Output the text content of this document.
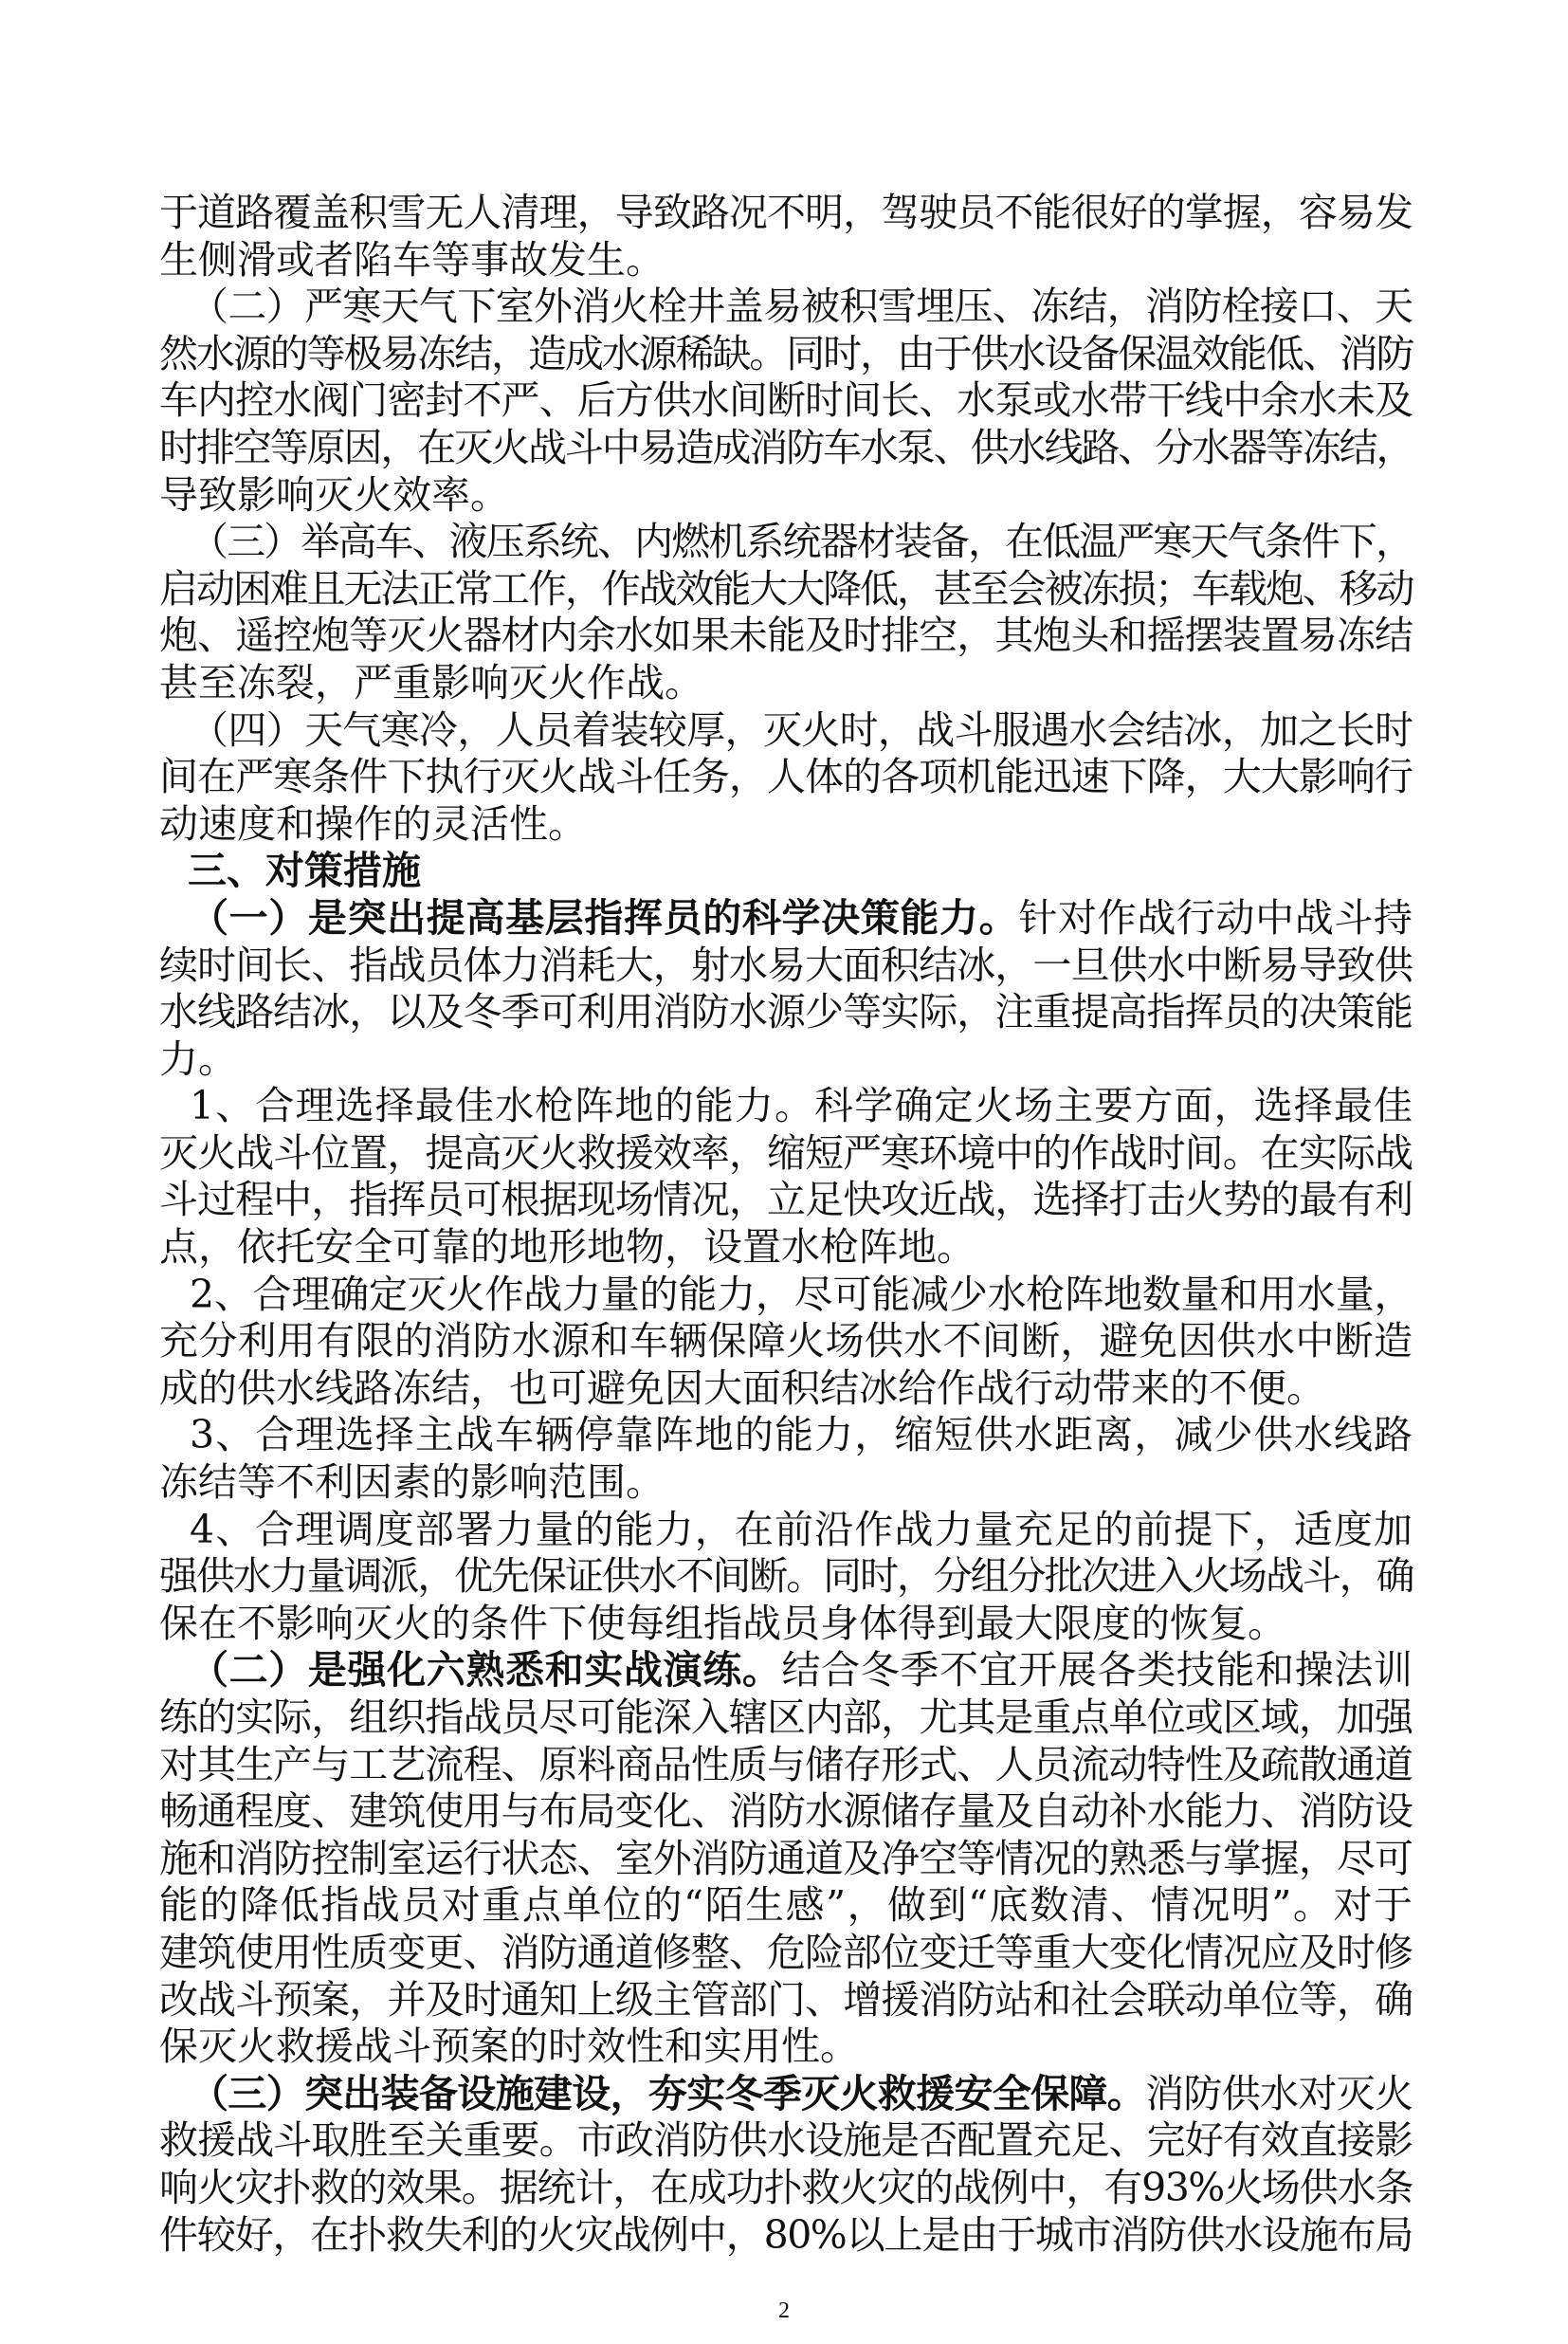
于道路覆盖积雪无人清理，导致路况不明，驾驶员不能很好的掌握，容易发
生侧滑或者陷车等事故发生。
（二）严寒天气下室外消火栓井盖易被积雪埋压、冻结，消防栓接口、天
然水源的等极易冻结，造成水源稀缺。同时，由于供水设备保温效能低、消防
车内控水阀门密封不严、后方供水间断时间长、水泵或水带干线中余水未及
时排空等原因，在灭火战斗中易造成消防车水泵、供水线路、分水器等冻结，
导致影响灭火效率。
（三）举高车、液压系统、内燃机系统器材装备，在低温严寒天气条件下，
启动困难且无法正常工作，作战效能大大降低，甚至会被冻损；车载炮、移动
炮、遥控炮等灭火器材内余水如果未能及时排空，其炮头和摇摆装置易冻结
甚至冻裂，严重影响灭火作战。
（四）天气寒冷，人员着装较厚，灭火时，战斗服遇水会结冰，加之长时
间在严寒条件下执行灭火战斗任务，人体的各项机能迅速下降，大大影响行
动速度和操作的灵活性。
三、对策措施
（一）是突出提高基层指挥员的科学决策能力。针对作战行动中战斗持
续时间长、指战员体力消耗大，射水易大面积结冰，一旦供水中断易导致供
水线路结冰，以及冬季可利用消防水源少等实际，注重提高指挥员的决策能
力。
1、合理选择最佳水枪阵地的能力。科学确定火场主要方面，选择最佳
灭火战斗位置，提高灭火救援效率，缩短严寒环境中的作战时间。在实际战
斗过程中，指挥员可根据现场情况，立足快攻近战，选择打击火势的最有利
点，依托安全可靠的地形地物，设置水枪阵地。
2、合理确定灭火作战力量的能力，尽可能减少水枪阵地数量和用水量，
充分利用有限的消防水源和车辆保障火场供水不间断，避免因供水中断造
成的供水线路冻结，也可避免因大面积结冰给作战行动带来的不便。
3、合理选择主战车辆停靠阵地的能力，缩短供水距离，减少供水线路
冻结等不利因素的影响范围。
4、合理调度部署力量的能力，在前沿作战力量充足的前提下，适度加
强供水力量调派，优先保证供水不间断。同时，分组分批次进入火场战斗，确
保在不影响灭火的条件下使每组指战员身体得到最大限度的恢复。
（二）是强化六熟悉和实战演练。结合冬季不宜开展各类技能和操法训
练的实际，组织指战员尽可能深入辖区内部，尤其是重点单位或区域，加强
对其生产与工艺流程、原料商品性质与储存形式、人员流动特性及疏散通道
畅通程度、建筑使用与布局变化、消防水源储存量及自动补水能力、消防设
施和消防控制室运行状态、室外消防通道及净空等情况的熟悉与掌握，尽可
能的降低指战员对重点单位的“陌生感”，做到“底数清、情况明”。对于
建筑使用性质变更、消防通道修整、危险部位变迁等重大变化情况应及时修
改战斗预案，并及时通知上级主管部门、增援消防站和社会联动单位等，确
保灭火救援战斗预案的时效性和实用性。
（三）突出装备设施建设，夯实冬季灭火救援安全保障。消防供水对灭火
救援战斗取胜至关重要。市政消防供水设施是否配置充足、完好有效直接影
响火灾扑救的效果。据统计，在成功扑救火灾的战例中，有93%火场供水条
件较好，在扑救失利的火灾战例中，80%以上是由于城市消防供水设施布局
2
